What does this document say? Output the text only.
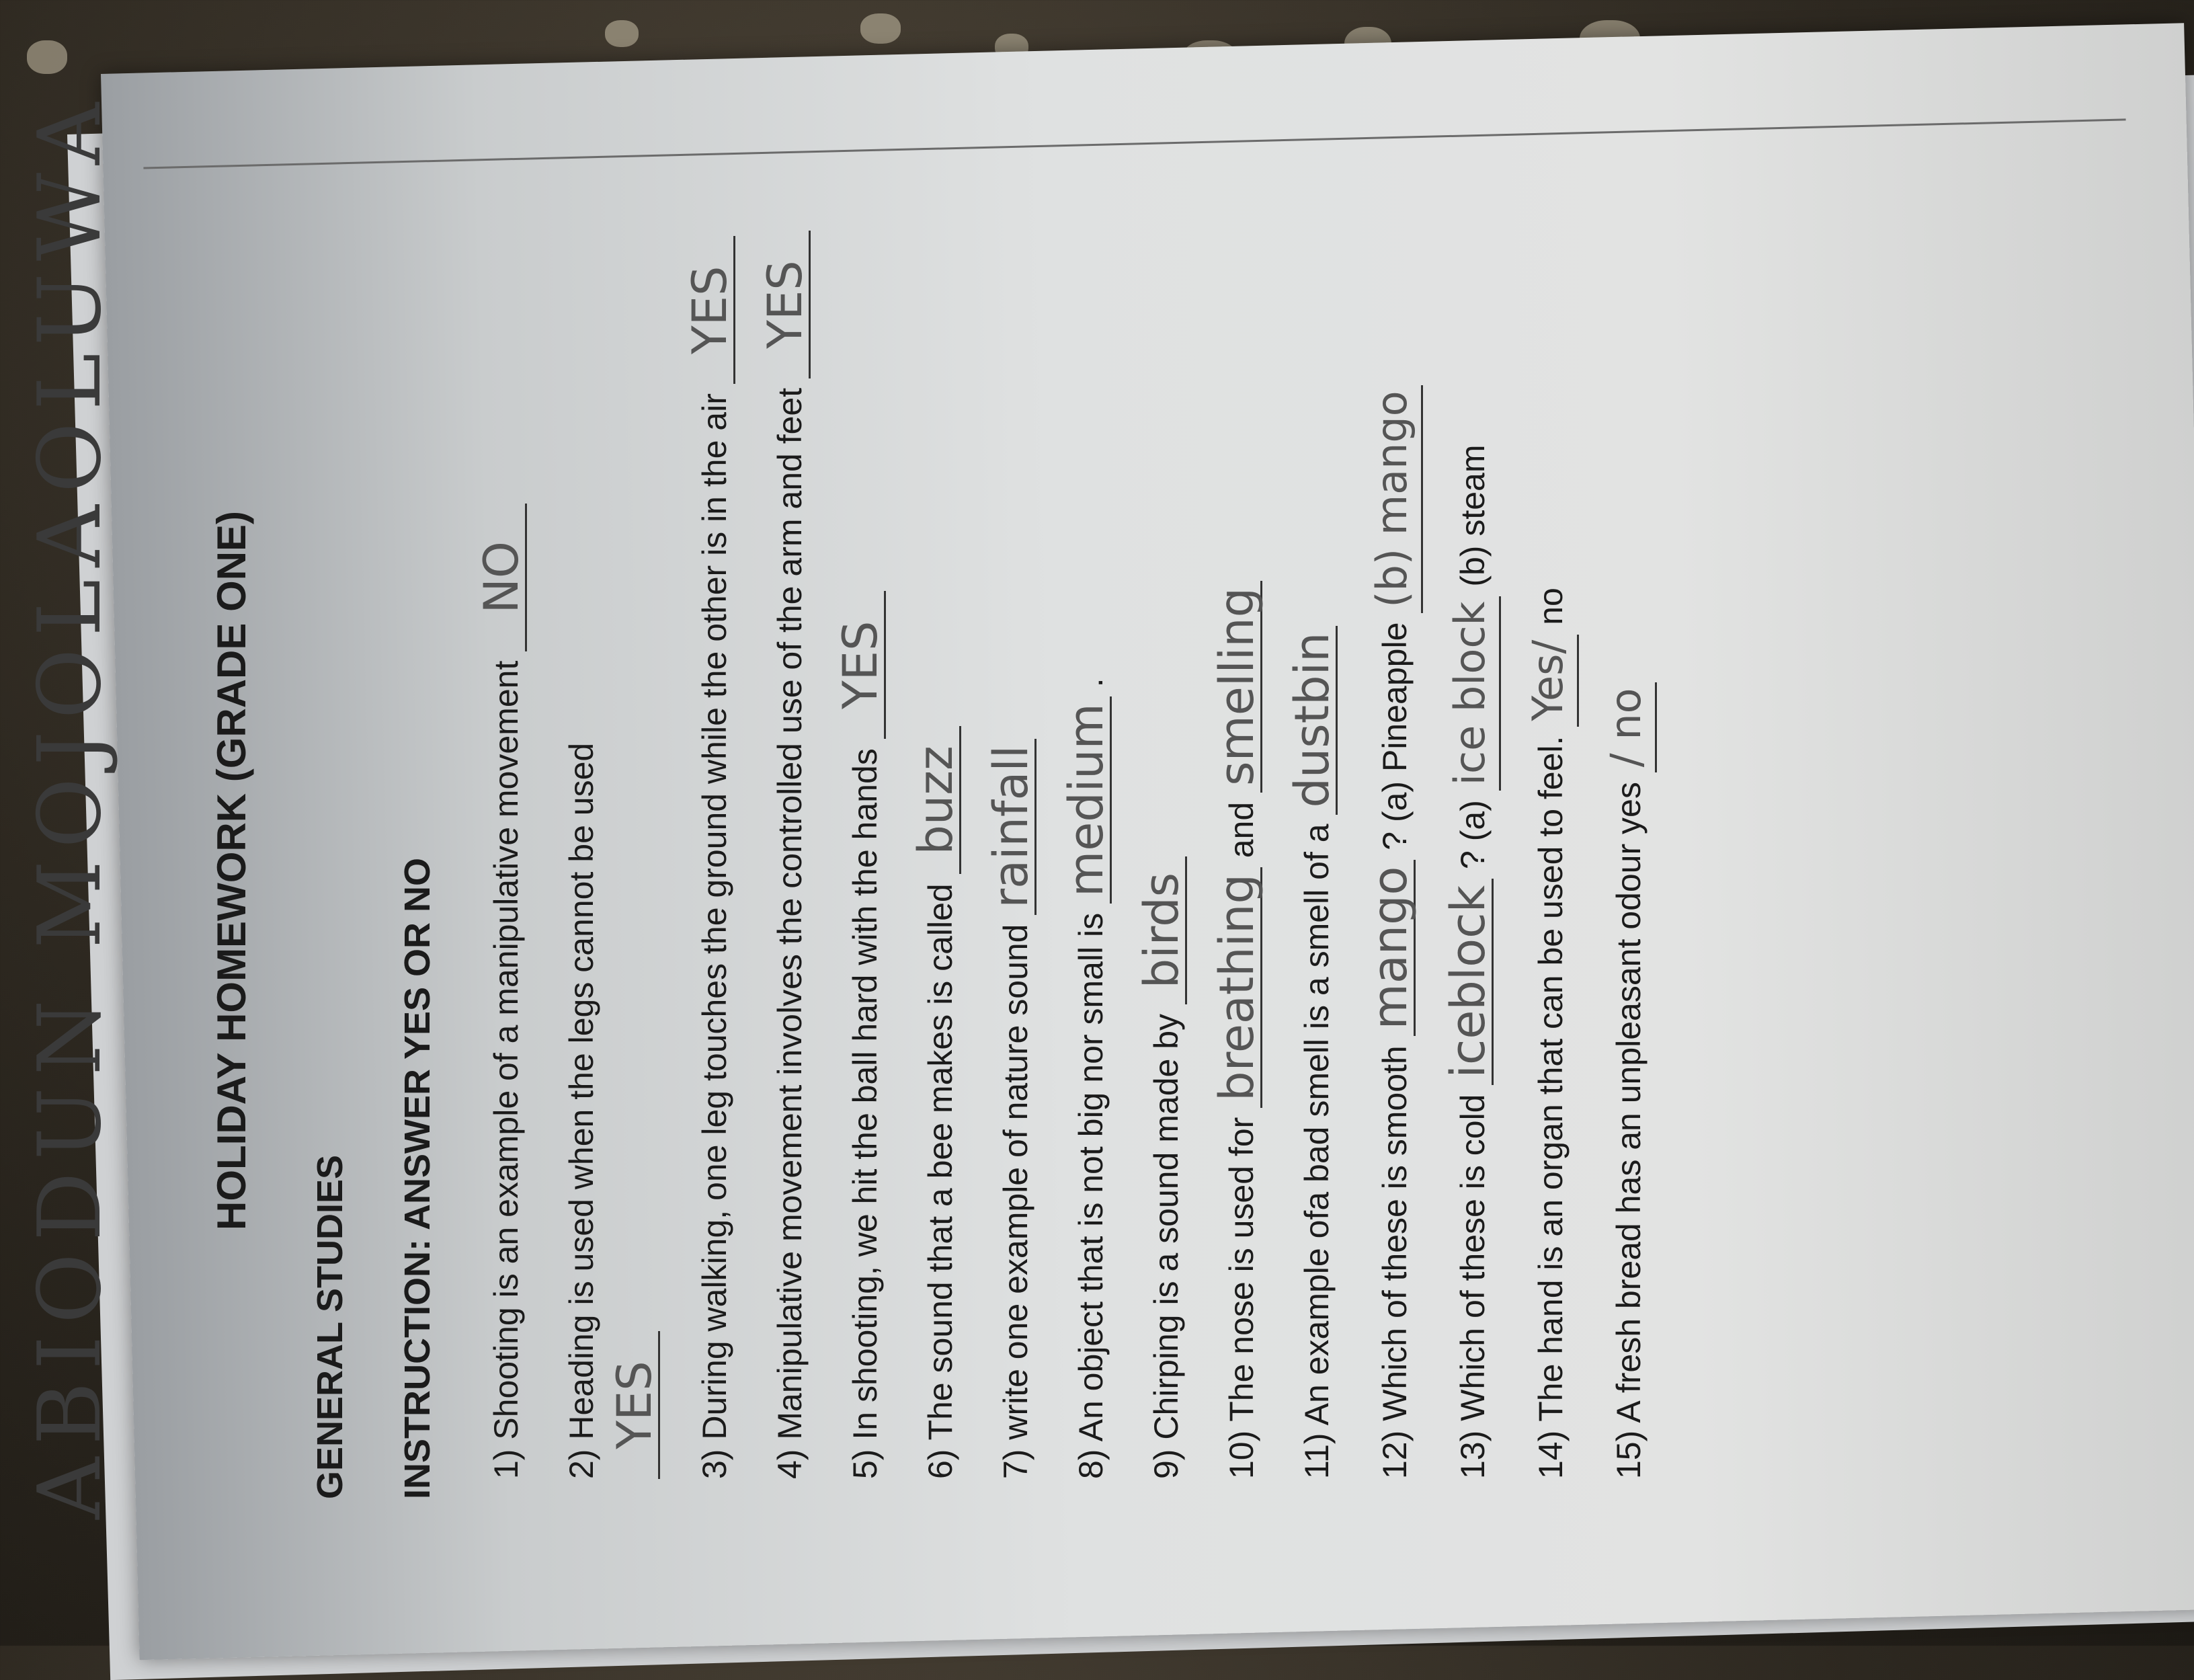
ABIODUN MOJOLAOLUWA HOLIDAY HOMEWORK (GRADE ONE)
GENERAL STUDIES INSTRUCTION: ANSWER YES OR NO	1) Shooting is an example of a manipulative movement NO
2) Heading is used when the legs cannot be used YES	3) During walking, one leg touches the ground while the other is in the air YES
4) Manipulative movement involves the controlled use of the arm and feet YES
5) In shooting, we hit the ball hard with the hands YES
6) The sound that a bee makes is called buzz
7) write one example of nature sound rainfall
8) An object that is not big nor small is medium .
9) Chirping is a sound made by birds
10) The nose is used for breathing and smelling
11) An example ofa bad smell is a smell of a dustbin
12) Which of these is smooth mango ? (a) Pineapple (b) mango
13) Which of these is cold iceblock ? (a) ice block (b) steam
14) The hand is an organ that can be used to feel. Yes/ no
15) A fresh bread has an unpleasant odour yes / no
